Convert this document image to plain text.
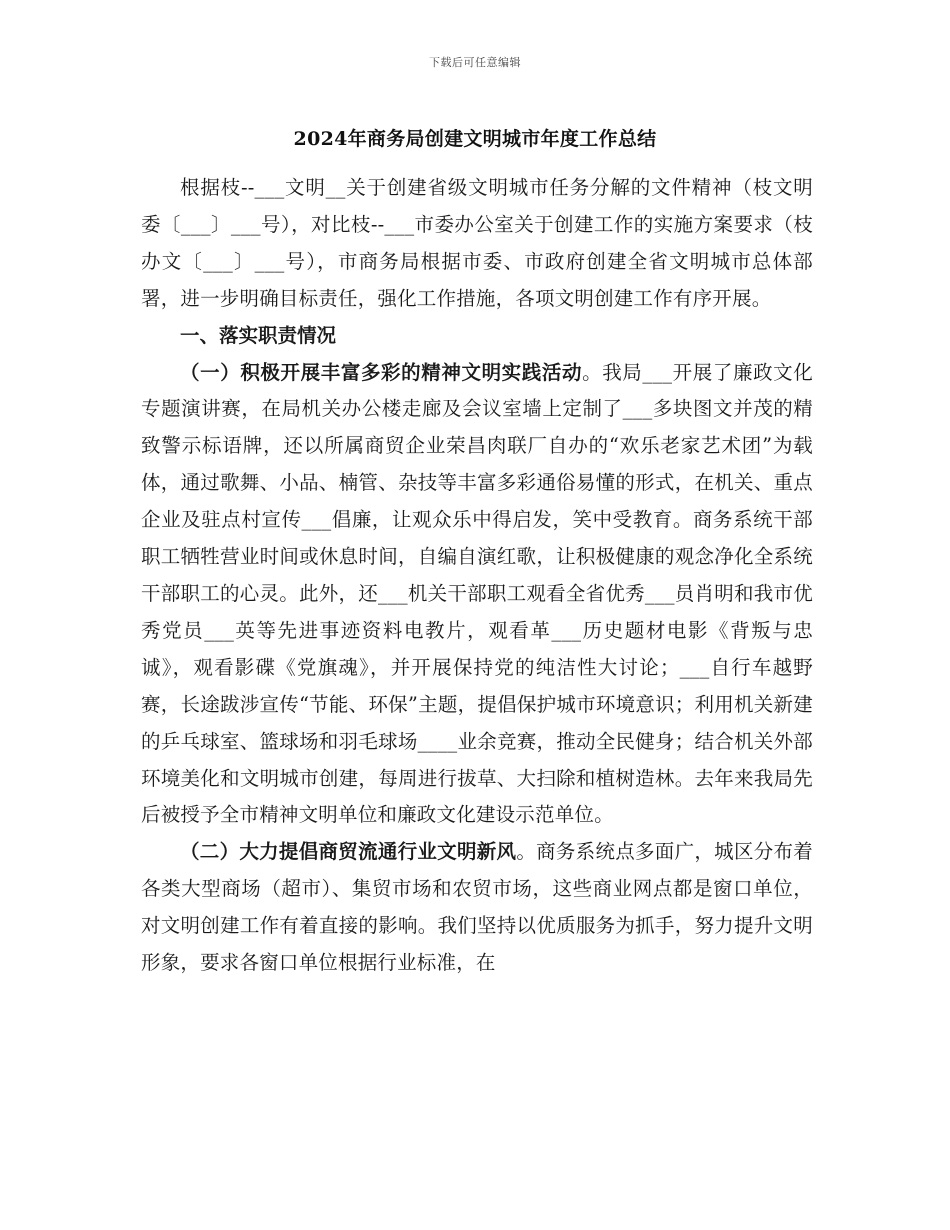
下载后可任意编辑
2024年商务局创建文明城市年度工作总结

根据枝--___文明__关于创建省级文明城市任务分解的文件精神（枝文明委〔___〕___号），对比枝--___市委办公室关于创建工作的实施方案要求（枝办文〔___〕___号），市商务局根据市委、市政府创建全省文明城市总体部署，进一步明确目标责任，强化工作措施，各项文明创建工作有序开展。

一、落实职责情况

（一）积极开展丰富多彩的精神文明实践活动。我局___开展了廉政文化专题演讲赛，在局机关办公楼走廊及会议室墙上定制了___多块图文并茂的精致警示标语牌，还以所属商贸企业荣昌肉联厂自办的“欢乐老家艺术团”为载体，通过歌舞、小品、楠管、杂技等丰富多彩通俗易懂的形式，在机关、重点企业及驻点村宣传___倡廉，让观众乐中得启发，笑中受教育。商务系统干部职工牺牲营业时间或休息时间，自编自演红歌，让积极健康的观念净化全系统干部职工的心灵。此外，还___机关干部职工观看全省优秀___员肖明和我市优秀党员___英等先进事迹资料电教片，观看革___历史题材电影《背叛与忠诚》，观看影碟《党旗魂》，并开展保持党的纯洁性大讨论；___自行车越野赛，长途跋涉宣传“节能、环保”主题，提倡保护城市环境意识；利用机关新建的乒乓球室、篮球场和羽毛球场____业余竞赛，推动全民健身；结合机关外部环境美化和文明城市创建，每周进行拔草、大扫除和植树造林。去年来我局先后被授予全市精神文明单位和廉政文化建设示范单位。

（二）大力提倡商贸流通行业文明新风。商务系统点多面广，城区分布着各类大型商场（超市）、集贸市场和农贸市场，这些商业网点都是窗口单位，对文明创建工作有着直接的影响。我们坚持以优质服务为抓手，努力提升文明形象，要求各窗口单位根据行业标准，在
